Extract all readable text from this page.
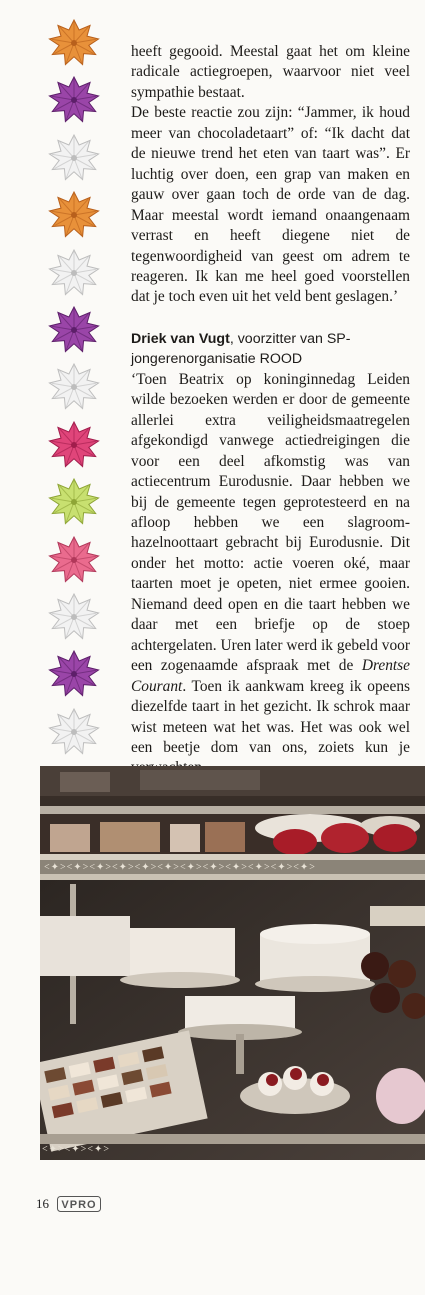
heeft gegooid. Meestal gaat het om kleine radicale actiegroepen, waarvoor niet veel sympathie bestaat.

De beste reactie zou zijn: “Jammer, ik houd meer van chocoladetaart” of: “Ik dacht dat de nieuwe trend het eten van taart was”. Er luchtig over doen, een grap van maken en gauw over gaan toch de orde van de dag. Maar meestal wordt iemand onaangenaam verrast en heeft diegene niet de tegenwoordigheid van geest om adrem te reageren. Ik kan me heel goed voorstellen dat je toch even uit het veld bent geslagen.’

Driek van Vugt, voorzitter van SP-jongerenorganisatie ROOD

‘Toen Beatrix op koninginnedag Leiden wilde bezoeken werden er door de gemeente allerlei extra veiligheidsmaatregelen afgekondigd vanwege actiedreigingen die voor een deel afkomstig was van actiecentrum Eurodusnie. Daar hebben we bij de gemeente tegen geprotesteerd en na afloop hebben we een slagroom-hazelnoottaart gebracht bij Eurodusnie. Dit onder het motto: actie voeren oké, maar taarten moet je opeten, niet ermee gooien. Niemand deed open en die taart hebben we daar met een briefje op de stoep achtergelaten. Uren later werd ik gebeld voor een zogenaamde afspraak met de Drentse Courant. Toen ik aankwam kreeg ik opeens diezelfde taart in het gezicht. Ik schrok maar wist meteen wat het was. Het was ook wel een beetje dom van ons, zoiets kun je

<✦><✦><✦><✦><✦><✦><✦><✦><✦><✦><✦><✦>
<✦><✦><✦>
16 VPRO
